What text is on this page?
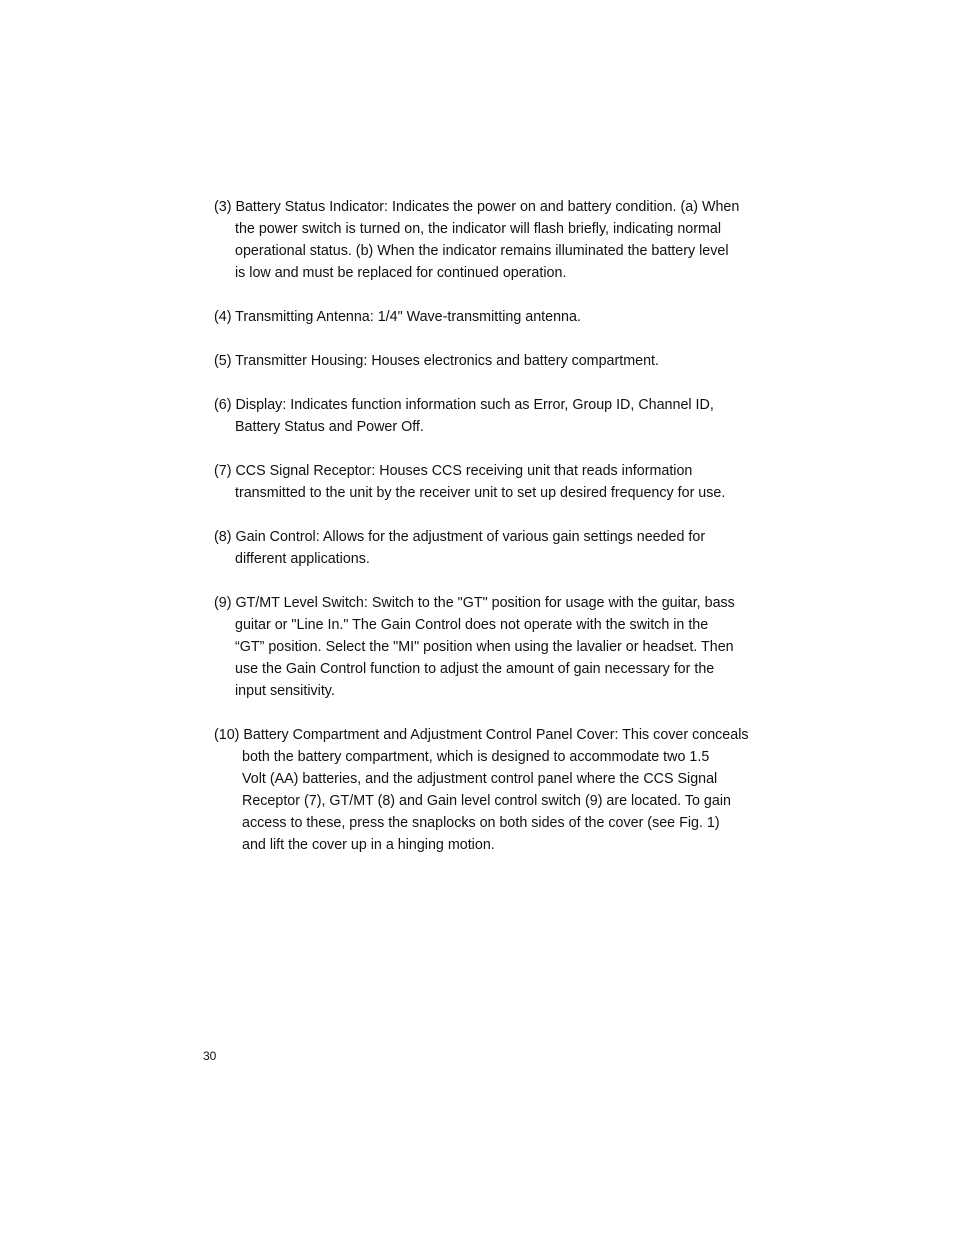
(3) Battery Status Indicator: Indicates the power on and battery condition. (a) When
the power switch is turned on, the indicator will flash briefly, indicating normal
operational status. (b) When the indicator remains illuminated the battery level
is low and must be replaced for continued operation.
(4) Transmitting Antenna: 1/4" Wave-transmitting antenna.
(5) Transmitter Housing: Houses electronics and battery compartment.
(6) Display: Indicates function information such as Error, Group ID, Channel ID,
Battery Status and Power Off.
(7) CCS Signal Receptor: Houses CCS receiving unit that reads information
transmitted to the unit by the receiver unit to set up desired frequency for use.
(8) Gain Control: Allows for the adjustment of various gain settings needed for
different applications.
(9) GT/MT Level Switch: Switch to the "GT" position for usage with the guitar, bass
guitar or "Line In." The Gain Control does not operate with the switch in the
“GT” position. Select the "MI" position when using the lavalier or headset. Then
use the Gain Control function to adjust the amount of gain necessary for the
input sensitivity.
(10) Battery Compartment and Adjustment Control Panel Cover: This cover conceals
both the battery compartment, which is designed to accommodate two 1.5
Volt (AA) batteries, and the adjustment control panel where the CCS Signal
Receptor (7), GT/MT (8) and Gain level control switch (9) are located. To gain
access to these, press the snaplocks on both sides of the cover (see Fig. 1)
and lift the cover up in a hinging motion.
30
